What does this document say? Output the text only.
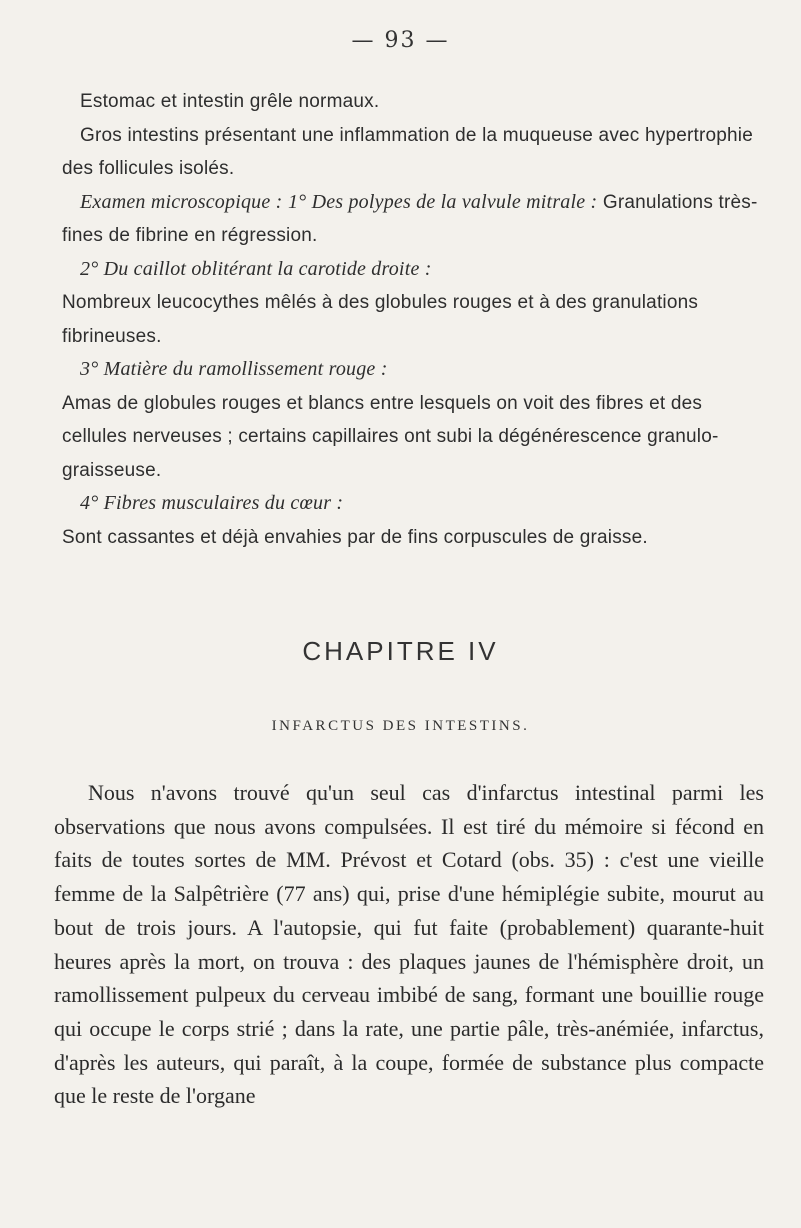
— 93 —

Estomac et intestin grêle normaux.

Gros intestins présentant une inflammation de la muqueuse avec hypertrophie des follicules isolés.

Examen microscopique : 1° Des polypes de la valvule mitrale : Granulations très-fines de fibrine en régression.

2° Du caillot oblitérant la carotide droite :

Nombreux leucocythes mêlés à des globules rouges et à des granulations fibrineuses.

3° Matière du ramollissement rouge :

Amas de globules rouges et blancs entre lesquels on voit des fibres et des cellules nerveuses ; certains capillaires ont subi la dégénérescence granulo-graisseuse.

4° Fibres musculaires du cœur :

Sont cassantes et déjà envahies par de fins corpuscules de graisse.

CHAPITRE IV
INFARCTUS DES INTESTINS.

Nous n'avons trouvé qu'un seul cas d'infarctus intestinal parmi les observations que nous avons compulsées. Il est tiré du mémoire si fécond en faits de toutes sortes de MM. Prévost et Cotard (obs. 35) : c'est une vieille femme de la Salpêtrière (77 ans) qui, prise d'une hémiplégie subite, mourut au bout de trois jours. A l'autopsie, qui fut faite (probablement) quarante-huit heures après la mort, on trouva : des plaques jaunes de l'hémisphère droit, un ramollissement pulpeux du cerveau imbibé de sang, formant une bouillie rouge qui occupe le corps strié ; dans la rate, une partie pâle, très-anémiée, infarctus, d'après les auteurs, qui paraît, à la coupe, formée de substance plus compacte que le reste de l'organe
